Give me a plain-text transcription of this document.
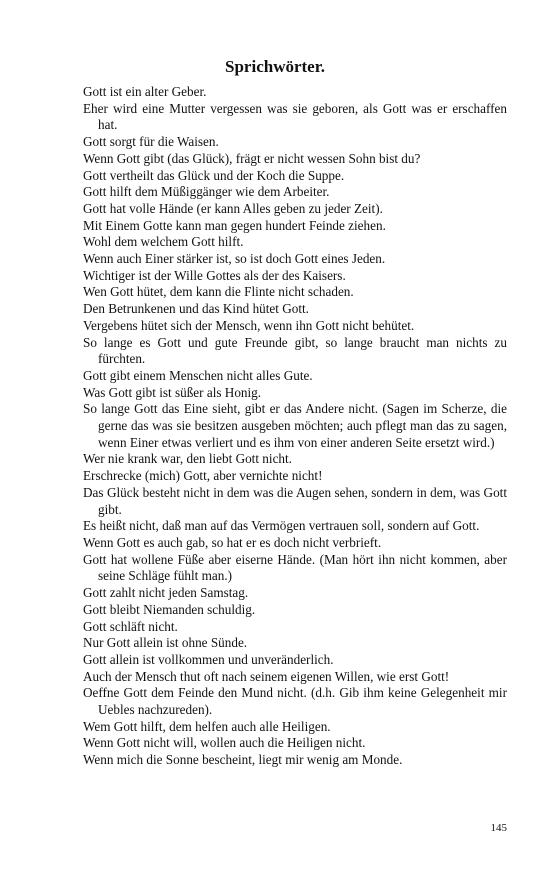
Sprichwörter.
Gott ist ein alter Geber.
Eher wird eine Mutter vergessen was sie geboren, als Gott was er erschaffen hat.
Gott sorgt für die Waisen.
Wenn Gott gibt (das Glück), frägt er nicht wessen Sohn bist du?
Gott vertheilt das Glück und der Koch die Suppe.
Gott hilft dem Müßiggänger wie dem Arbeiter.
Gott hat volle Hände (er kann Alles geben zu jeder Zeit).
Mit Einem Gotte kann man gegen hundert Feinde ziehen.
Wohl dem welchem Gott hilft.
Wenn auch Einer stärker ist, so ist doch Gott eines Jeden.
Wichtiger ist der Wille Gottes als der des Kaisers.
Wen Gott hütet, dem kann die Flinte nicht schaden.
Den Betrunkenen und das Kind hütet Gott.
Vergebens hütet sich der Mensch, wenn ihn Gott nicht behütet.
So lange es Gott und gute Freunde gibt, so lange braucht man nichts zu fürchten.
Gott gibt einem Menschen nicht alles Gute.
Was Gott gibt ist süßer als Honig.
So lange Gott das Eine sieht, gibt er das Andere nicht. (Sagen im Scherze, die gerne das was sie besitzen ausgeben möchten; auch pflegt man das zu sagen, wenn Einer etwas verliert und es ihm von einer anderen Seite ersetzt wird.)
Wer nie krank war, den liebt Gott nicht.
Erschrecke (mich) Gott, aber vernichte nicht!
Das Glück besteht nicht in dem was die Augen sehen, sondern in dem, was Gott gibt.
Es heißt nicht, daß man auf das Vermögen vertrauen soll, sondern auf Gott.
Wenn Gott es auch gab, so hat er es doch nicht verbrieft.
Gott hat wollene Füße aber eiserne Hände. (Man hört ihn nicht kommen, aber seine Schläge fühlt man.)
Gott zahlt nicht jeden Samstag.
Gott bleibt Niemanden schuldig.
Gott schläft nicht.
Nur Gott allein ist ohne Sünde.
Gott allein ist vollkommen und unveränderlich.
Auch der Mensch thut oft nach seinem eigenen Willen, wie erst Gott!
Oeffne Gott dem Feinde den Mund nicht. (d.h. Gib ihm keine Gelegenheit mir Uebles nachzureden).
Wem Gott hilft, dem helfen auch alle Heiligen.
Wenn Gott nicht will, wollen auch die Heiligen nicht.
Wenn mich die Sonne bescheint, liegt mir wenig am Monde.
145
